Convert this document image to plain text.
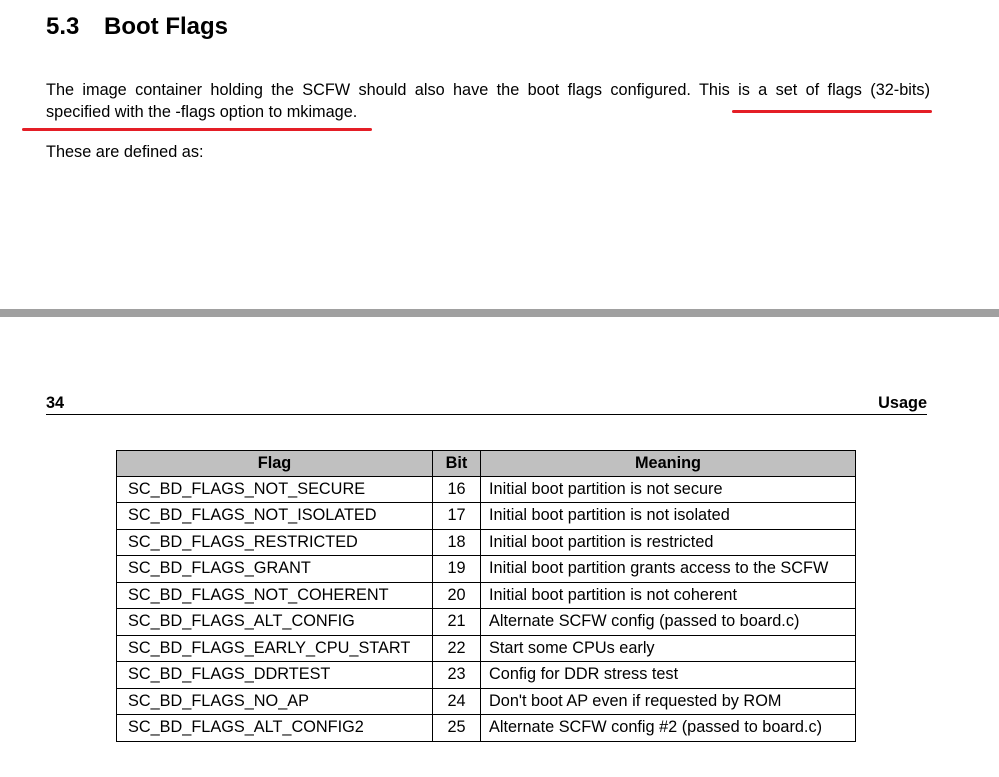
5.3 Boot Flags
The image container holding the SCFW should also have the boot flags configured. This is a set of flags (32-bits)
specified with the -flags option to mkimage.
These are defined as:
34	Usage
Flag	Bit	Meaning
SC_BD_FLAGS_NOT_SECURE	16	Initial boot partition is not secure
SC_BD_FLAGS_NOT_ISOLATED	17	Initial boot partition is not isolated
SC_BD_FLAGS_RESTRICTED	18	Initial boot partition is restricted
SC_BD_FLAGS_GRANT	19	Initial boot partition grants access to the SCFW
SC_BD_FLAGS_NOT_COHERENT	20	Initial boot partition is not coherent
SC_BD_FLAGS_ALT_CONFIG	21	Alternate SCFW config (passed to board.c)
SC_BD_FLAGS_EARLY_CPU_START	22	Start some CPUs early
SC_BD_FLAGS_DDRTEST	23	Config for DDR stress test
SC_BD_FLAGS_NO_AP	24	Don't boot AP even if requested by ROM
SC_BD_FLAGS_ALT_CONFIG2	25	Alternate SCFW config #2 (passed to board.c)
